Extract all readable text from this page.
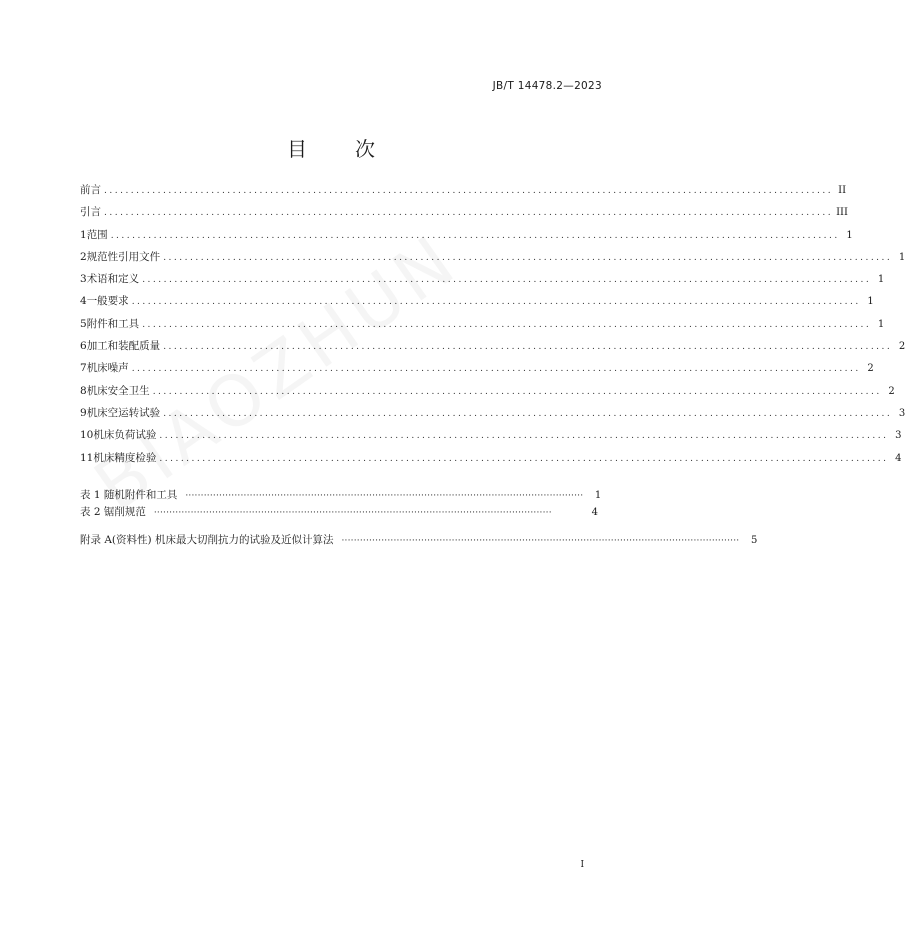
JB/T 14478.2—2023
目 次
前言 ........................................................................................................................................ II
引言 ........................................................................................................................................ III
1 范围 ........................................................................................................................................ 1
2 规范性引用文件 ........................................................................................................................................ 1
3 术语和定义 ........................................................................................................................................ 1
4 一般要求 ........................................................................................................................................ 1
5 附件和工具 ........................................................................................................................................ 1
6 加工和装配质量 ........................................................................................................................................ 2
7 机床噪声 ........................................................................................................................................ 2
8 机床安全卫生 ........................................................................................................................................ 2
9 机床空运转试验 ........................................................................................................................................ 3
10 机床负荷试验 ........................................................................................................................................ 3
11 机床精度检验 ........................................................................................................................................ 4
表 1 随机附件和工具 ··································································································································	1
表 2 锯削规范 ··································································································································	4
附录 A(资料性) 机床最大切削抗力的试验及近似计算法 ··································································································································	5
I
